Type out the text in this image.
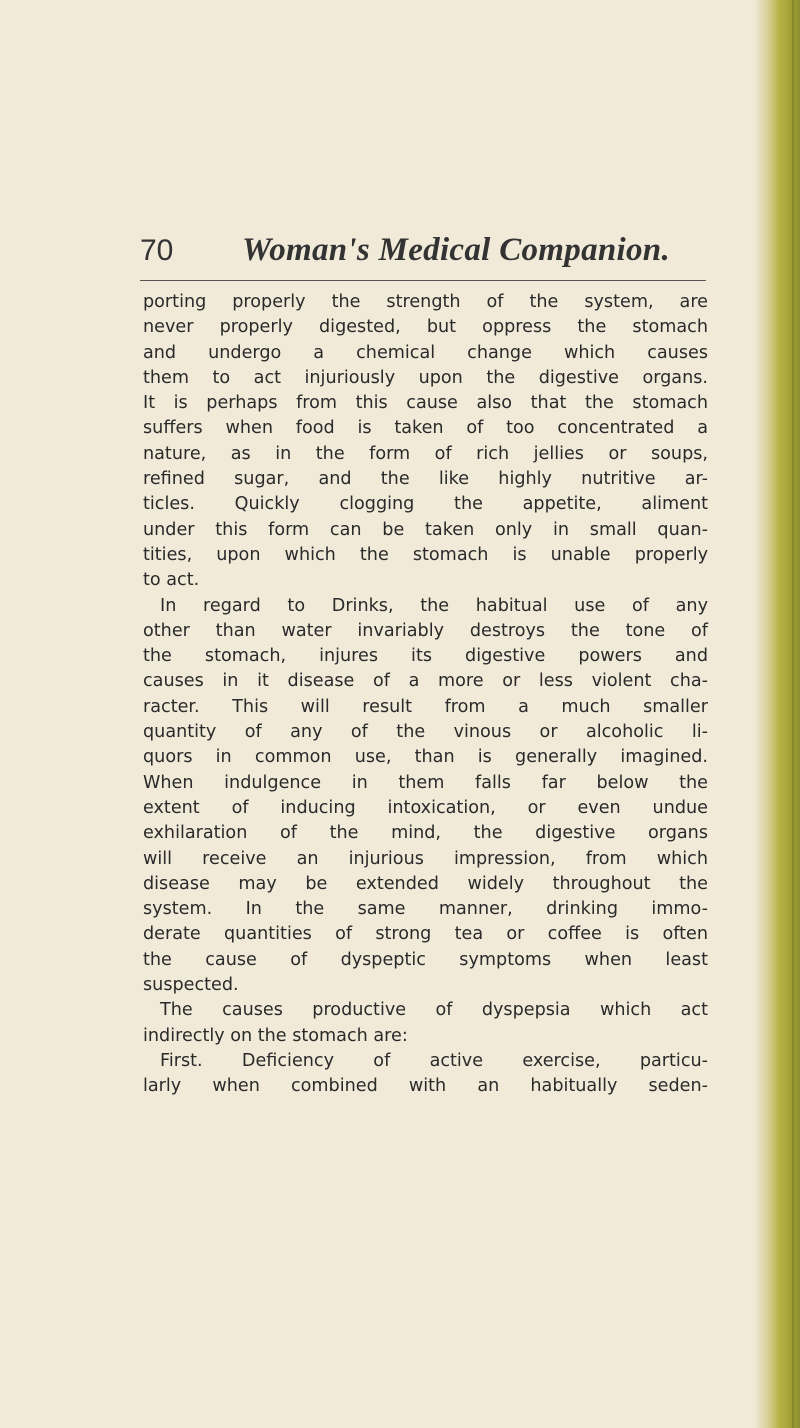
70 Woman's Medical Companion.
porting properly the strength of the system, are
never properly digested, but oppress the stomach
and undergo a chemical change which causes
them to act injuriously upon the digestive organs.
It is perhaps from this cause also that the stomach
suffers when food is taken of too concentrated a
nature, as in the form of rich jellies or soups,
refined sugar, and the like highly nutritive ar-
ticles. Quickly clogging the appetite, aliment
under this form can be taken only in small quan-
tities, upon which the stomach is unable properly
to act.
In regard to Drinks, the habitual use of any
other than water invariably destroys the tone of
the stomach, injures its digestive powers and
causes in it disease of a more or less violent cha-
racter. This will result from a much smaller
quantity of any of the vinous or alcoholic li-
quors in common use, than is generally imagined.
When indulgence in them falls far below the
extent of inducing intoxication, or even undue
exhilaration of the mind, the digestive organs
will receive an injurious impression, from which
disease may be extended widely throughout the
system. In the same manner, drinking immo-
derate quantities of strong tea or coffee is often
the cause of dyspeptic symptoms when least
suspected.
The causes productive of dyspepsia which act
indirectly on the stomach are:
First. Deficiency of active exercise, particu-
larly when combined with an habitually seden-
